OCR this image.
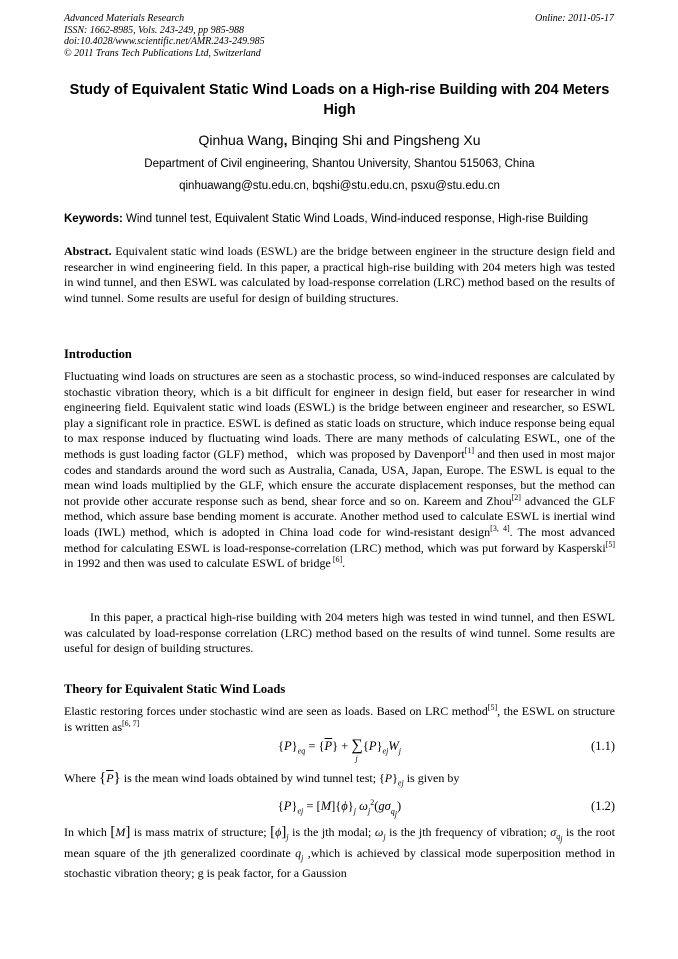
Advanced Materials Research
ISSN: 1662-8985, Vols. 243-249, pp 985-988
doi:10.4028/www.scientific.net/AMR.243-249.985
© 2011 Trans Tech Publications Ltd, Switzerland
Online: 2011-05-17
Study of Equivalent Static Wind Loads on a High-rise Building with 204 Meters High
Qinhua Wang, Binqing Shi and Pingsheng Xu
Department of Civil engineering, Shantou University, Shantou 515063, China
qinhuawang@stu.edu.cn, bqshi@stu.edu.cn, psxu@stu.edu.cn
Keywords: Wind tunnel test, Equivalent Static Wind Loads, Wind-induced response, High-rise Building
Abstract. Equivalent static wind loads (ESWL) are the bridge between engineer in the structure design field and researcher in wind engineering field. In this paper, a practical high-rise building with 204 meters high was tested in wind tunnel, and then ESWL was calculated by load-response correlation (LRC) method based on the results of wind tunnel. Some results are useful for design of building structures.
Introduction
Fluctuating wind loads on structures are seen as a stochastic process, so wind-induced responses are calculated by stochastic vibration theory, which is a bit difficult for engineer in design field, but easer for researcher in wind engineering field. Equivalent static wind loads (ESWL) is the bridge between engineer and researcher, so ESWL play a significant role in practice. ESWL is defined as static loads on structure, which induce response being equal to max response induced by fluctuating wind loads. There are many methods of calculating ESWL, one of the methods is gust loading factor (GLF) method，which was proposed by Davenport[1] and then used in most major codes and standards around the word such as Australia, Canada, USA, Japan, Europe. The ESWL is equal to the mean wind loads multiplied by the GLF, which ensure the accurate displacement responses, but the method can not provide other accurate response such as bend, shear force and so on. Kareem and Zhou[2] advanced the GLF method, which assure base bending moment is accurate. Another method used to calculate ESWL is inertial wind loads (IWL) method, which is adopted in China load code for wind-resistant design[3, 4]. The most advanced method for calculating ESWL is load-response-correlation (LRC) method, which was put forward by Kasperski[5] in 1992 and then was used to calculate ESWL of bridge [6].
In this paper, a practical high-rise building with 204 meters high was tested in wind tunnel, and then ESWL was calculated by load-response correlation (LRC) method based on the results of wind tunnel. Some results are useful for design of building structures.
Theory for Equivalent Static Wind Loads
Elastic restoring forces under stochastic wind are seen as loads. Based on LRC method[5], the ESWL on structure is written as[6, 7]
$\{P\}_{eq} = \{\overline{P}\}$ + ∑
j
$\{P\}_{ej}W_j$	(1.1)
Where $\{\overline{P}\}$ is the mean wind loads obtained by wind tunnel test; $\{P\}_{ej}$ is given by
$\{P\}_{ej} = [M]\{\phi\}_j$ $\omega_j^2(g\sigma_{q_j})$	(1.2)
In which [M] is mass matrix of structure; $[\phi]_j$ is the jth modal; $\omega_j$ is the jth frequency of vibration; $\sigma_{q_j}$ is the root mean square of the jth generalized coordinate $q_j$ ,which is achieved by classical mode superposition method in stochastic vibration theory; g is peak factor, for a Gaussion
